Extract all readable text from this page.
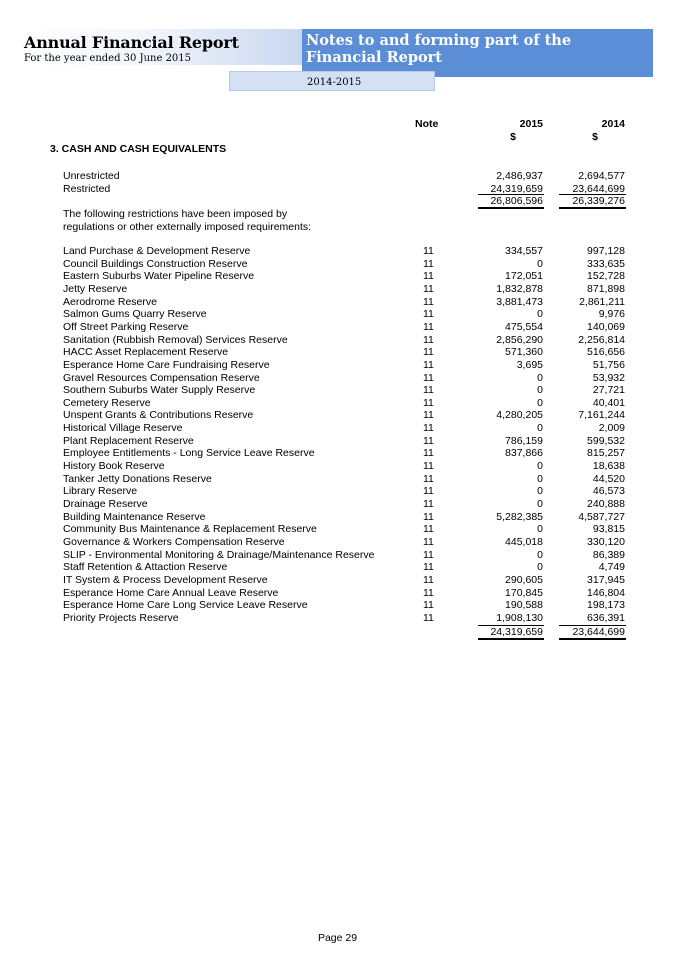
Annual Financial Report
For the year ended 30 June 2015
Notes to and forming part of the Financial Report
2014-2015
Note	2015	2014
$	$
3. CASH AND CASH EQUIVALENTS
Unrestricted	2,486,937	2,694,577
Restricted	24,319,659	23,644,699
26,806,596	26,339,276
The following restrictions have been imposed by
regulations or other externally imposed requirements:
Land Purchase & Development Reserve	11	334,557	997,128
Council Buildings Construction Reserve	11	0	333,635
Eastern Suburbs Water Pipeline Reserve	11	172,051	152,728
Jetty Reserve	11	1,832,878	871,898
Aerodrome Reserve	11	3,881,473	2,861,211
Salmon Gums Quarry Reserve	11	0	9,976
Off Street Parking Reserve	11	475,554	140,069
Sanitation (Rubbish Removal) Services Reserve	11	2,856,290	2,256,814
HACC Asset Replacement Reserve	11	571,360	516,656
Esperance Home Care Fundraising Reserve	11	3,695	51,756
Gravel Resources Compensation Reserve	11	0	53,932
Southern Suburbs Water Supply Reserve	11	0	27,721
Cemetery Reserve	11	0	40,401
Unspent Grants & Contributions Reserve	11	4,280,205	7,161,244
Historical Village Reserve	11	0	2,009
Plant Replacement Reserve	11	786,159	599,532
Employee Entitlements - Long Service Leave Reserve	11	837,866	815,257
History Book Reserve	11	0	18,638
Tanker Jetty Donations Reserve	11	0	44,520
Library Reserve	11	0	46,573
Drainage Reserve	11	0	240,888
Building Maintenance Reserve	11	5,282,385	4,587,727
Community Bus Maintenance & Replacement Reserve	11	0	93,815
Governance & Workers Compensation Reserve	11	445,018	330,120
SLIP - Environmental Monitoring & Drainage/Maintenance Reserve	11	0	86,389
Staff Retention & Attaction Reserve	11	0	4,749
IT System & Process Development Reserve	11	290,605	317,945
Esperance Home Care Annual Leave Reserve	11	170,845	146,804
Esperance Home Care Long Service Leave Reserve	11	190,588	198,173
Priority Projects Reserve	11	1,908,130	636,391
24,319,659	23,644,699
Page 29
